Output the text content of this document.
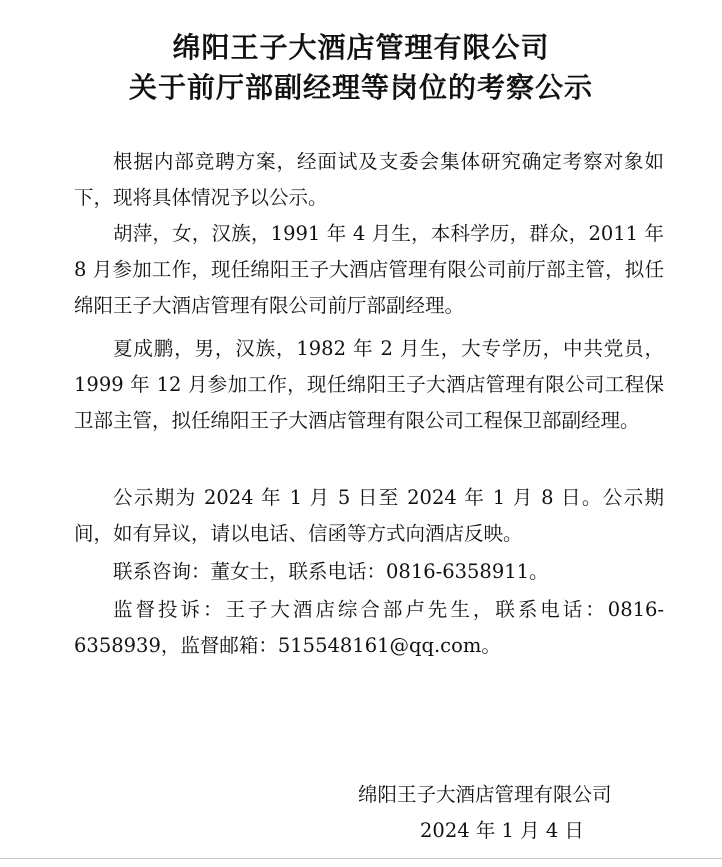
绵阳王子大酒店管理有限公司
关于前厅部副经理等岗位的考察公示
根据内部竞聘方案，经面试及支委会集体研究确定考察对象如下，现将具体情况予以公示。
胡萍，女，汉族，1991 年 4 月生，本科学历，群众，2011 年 8 月参加工作，现任绵阳王子大酒店管理有限公司前厅部主管，拟任绵阳王子大酒店管理有限公司前厅部副经理。
夏成鹏，男，汉族，1982 年 2 月生，大专学历，中共党员，1999 年 12 月参加工作，现任绵阳王子大酒店管理有限公司工程保卫部主管，拟任绵阳王子大酒店管理有限公司工程保卫部副经理。
公示期为 2024 年 1 月 5 日至 2024 年 1 月 8 日。公示期间，如有异议，请以电话、信函等方式向酒店反映。
联系咨询：董女士，联系电话：0816-6358911。
监督投诉：王子大酒店综合部卢先生，联系电话：0816-6358939，监督邮箱：515548161@qq.com。
绵阳王子大酒店管理有限公司
2024 年 1 月 4 日
